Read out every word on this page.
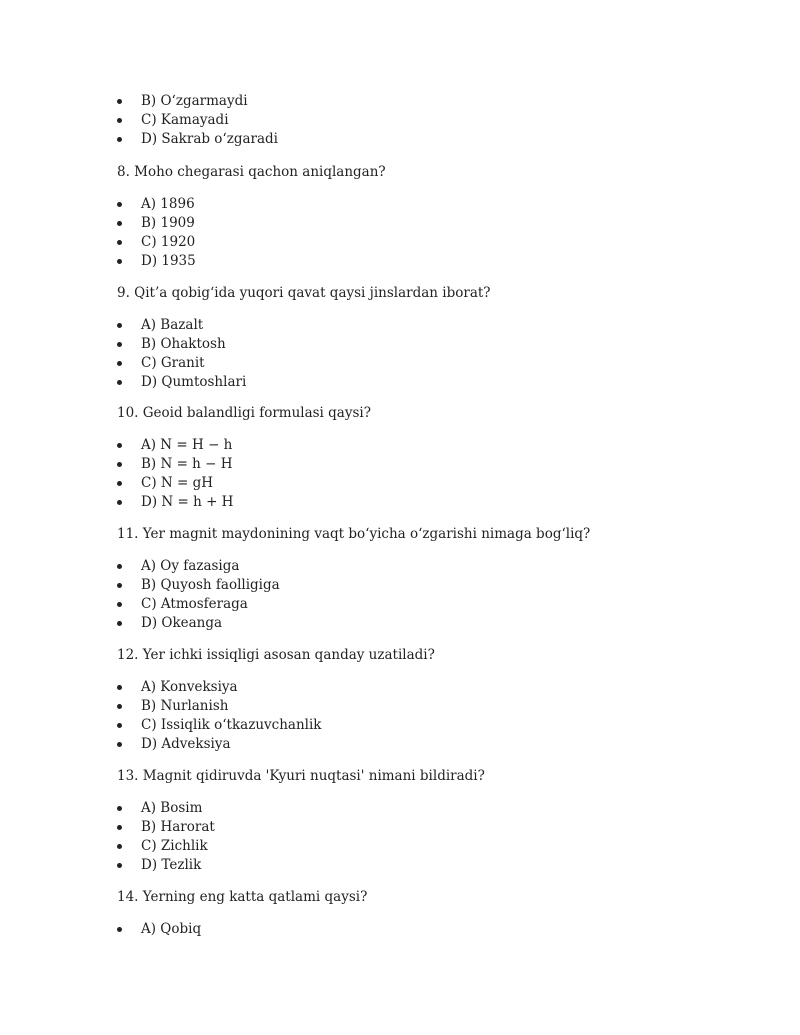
B) O‘zgarmaydi
C) Kamayadi
D) Sakrab o‘zgaradi

8. Moho chegarasi qachon aniqlangan?

A) 1896
B) 1909
C) 1920
D) 1935

9. Qit’a qobig‘ida yuqori qavat qaysi jinslardan iborat?

A) Bazalt
B) Ohaktosh
C) Granit
D) Qumtoshlari

10. Geoid balandligi formulasi qaysi?

A) N = H − h
B) N = h − H
C) N = gH
D) N = h + H

11. Yer magnit maydonining vaqt bo‘yicha o‘zgarishi nimaga bog‘liq?

A) Oy fazasiga
B) Quyosh faolligiga
C) Atmosferaga
D) Okeanga

12. Yer ichki issiqligi asosan qanday uzatiladi?

A) Konveksiya
B) Nurlanish
C) Issiqlik o‘tkazuvchanlik
D) Adveksiya

13. Magnit qidiruvda 'Kyuri nuqtasi' nimani bildiradi?

A) Bosim
B) Harorat
C) Zichlik
D) Tezlik

14. Yerning eng katta qatlami qaysi?

A) Qobiq
